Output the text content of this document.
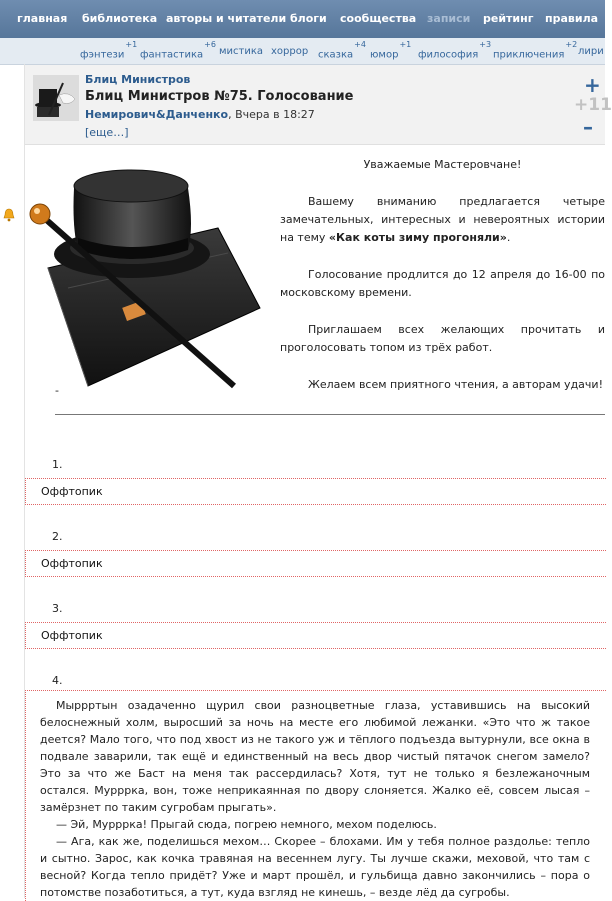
главная библиотека авторы и читатели блоги сообщества записи рейтинг правила
фэнтези$^{+1}$
фантастика$^{+6}$
мистика хоррор сказка$^{+4}$
юмор$^{+1}$
философия$^{+3}$
приключения$^{+2}$
лири
Блиц Министров
Блиц Министров №75. Голосование
Немирович&Данченко, Вчера в 18:27
[еще…]
+
+11
–

Уважаемые Мастеровчане!

Вашему вниманию предлагается четыре замечательных, интересных и невероятных истории на тему «Как коты зиму прогоняли».

Голосование продлится до 12 апреля до 16-00 по московскому времени.

Приглашаем всех желающих прочитать и проголосовать топом из трёх работ.

Желаем всем приятного чтения, а авторам удачи!

-
1.
Оффтопик
2.
Оффтопик
3.
Оффтопик
4.

Мыррртын озадаченно щурил свои разноцветные глаза, уставившись на высокий белоснежный холм, выросший за ночь на месте его любимой лежанки. «Это что ж такое деется? Мало того, что под хвост из не такого уж и тёплого подъезда вытурнули, все окна в подвале заварили, так ещё и единственный на весь двор чистый пятачок снегом замело? Это за что же Баст на меня так рассердилась? Хотя, тут не только я безлежаночным остался. Мурррка, вон, тоже неприкаянная по двору слоняется. Жалко её, совсем лысая – замёрзнет по таким сугробам прыгать».

— Эй, Мурррка! Прыгай сюда, погрею немного, мехом поделюсь.

— Ага, как же, поделишься мехом… Скорее – блохами. Им у тебя полное раздолье: тепло и сытно. Зарос, как кочка травяная на весеннем лугу. Ты лучше скажи, меховой, что там с весной? Когда тепло придёт? Уже и март прошёл, и гульбища давно закончились – пора о потомстве позаботиться, а тут, куда взгляд не кинешь, – везде лёд да сугробы.
